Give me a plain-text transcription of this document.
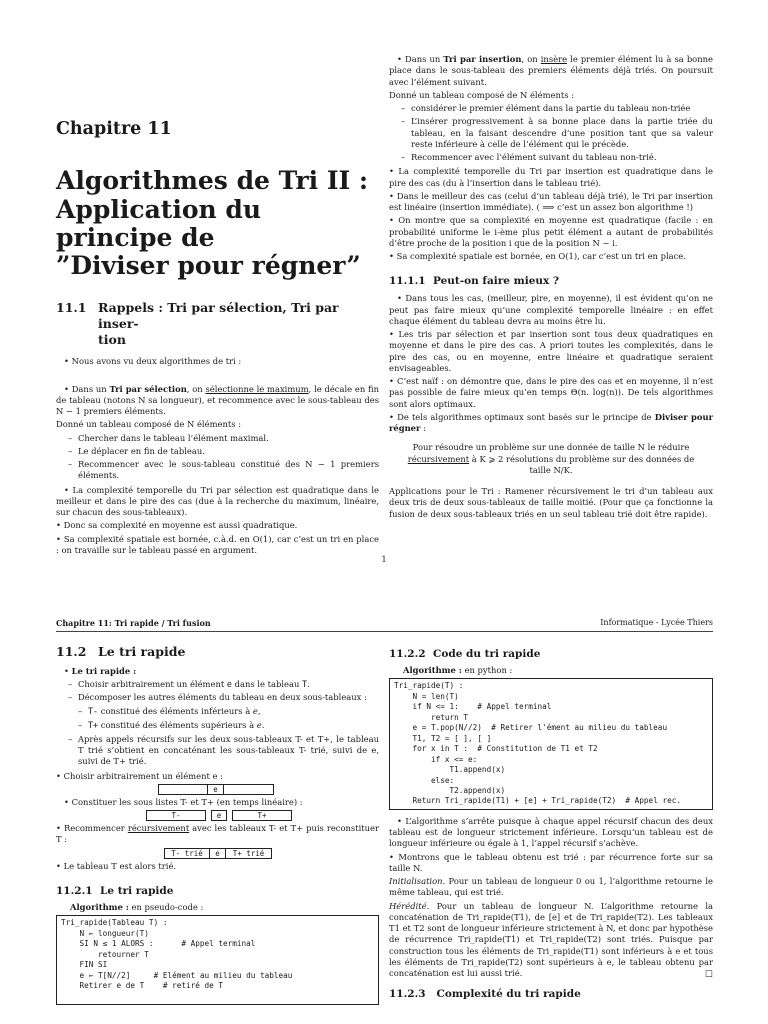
Chapitre 11
Algorithmes de Tri II :
Application du principe de
”Diviser pour régner”
11.1 Rappels : Tri par sélection, Tri par inser-
tion

• Nous avons vu deux algorithmes de tri :

• Dans un Tri par sélection, on sélectionne le maximum, le décale en fin de tableau (notons N sa longueur), et recommence avec le sous-tableau des N − 1 premiers éléments.

Donné un tableau composé de N éléments :

– Chercher dans le tableau l’élément maximal.
– Le déplacer en fin de tableau.
– Recommencer avec le sous-tableau constitué des N − 1 premiers éléments.

• La complexité temporelle du Tri par sélection est quadratique dans le meilleur et dans le pire des cas (due à la recherche du maximum, linéaire, sur chacun des sous-tableaux).

• Donc sa complexité en moyenne est aussi quadratique.

• Sa complexité spatiale est bornée, c.à.d. en O(1), car c’est un tri en place : on travaille sur le tableau passé en argument.

• Dans un Tri par insertion, on insère le premier élément lu à sa bonne place dans le sous-tableau des premiers éléments déjà triés. On poursuit avec l’élément suivant.

Donné un tableau composé de N éléments :

– considérer le premier élément dans la partie du tableau non-triée
– L’insérer progressivement à sa bonne place dans la partie triée du tableau, en la faisant descendre d’une position tant que sa valeur reste inférieure à celle de l’élément qui le précède.
– Recommencer avec l’élément suivant du tableau non-trié.

• La complexité temporelle du Tri par insertion est quadratique dans le pire des cas (du à l’insertion dans le tableau trié).

• Dans le meilleur des cas (celui d’un tableau déjà trié), le Tri par insertion est linéaire (insertion immédiate). ( ⟹ c’est un assez bon algorithme !)

• On montre que sa complexité en moyenne est quadratique (facile : en probabilité uniforme le i-ème plus petit élément a autant de probabilités d’être proche de la position i que de la position N − i.

• Sa complexité spatiale est bornée, en O(1), car c’est un tri en place.

11.1.1 Peut-on faire mieux ?

• Dans tous les cas, (meilleur, pire, en moyenne), il est évident qu’on ne peut pas faire mieux qu’une complexité temporelle linéaire : en effet chaque élément du tableau devra au moins être lu.

• Les tris par sélection et par insertion sont tous deux quadratiques en moyenne et dans le pire des cas. A priori toutes les complexités, dans le pire des cas, ou en moyenne, entre linéaire et quadratique seraient envisageables.

• C’est naïf : on démontre que, dans le pire des cas et en moyenne, il n’est pas possible de faire mieux qu’en temps Θ(n. log(n)). De tels algorithmes sont alors optimaux.

• De tels algorithmes optimaux sont basés sur le principe de Diviser pour régner :

Pour résoudre un problème sur une donnée de taille N le réduire récursivement à K ⩾ 2 résolutions du problème sur des données de taille N/K.

Applications pour le Tri : Ramener récursivement le tri d’un tableau aux deux tris de deux sous-tableaux de taille moitié. (Pour que ça fonctionne la fusion de deux sous-tableaux triés en un seul tableau trié doit être rapide).

1
Chapitre 11: Tri rapide / Tri fusion	Informatique - Lycée Thiers
11.2 Le tri rapide

• Le tri rapide :

– Choisir arbitrairement un élément e dans le tableau T.
– Décomposer les autres éléments du tableau en deux sous-tableaux :
– T- constitué des éléments inférieurs à e,
– T+ constitué des éléments supérieurs à e.
– Après appels récursifs sur les deux sous-tableaux T- et T+, le tableau T trié s’obtient en concaténant les sous-tableaux T- trié, suivi de e, suivi de T+ trié.

• Choisir arbitrairement un élément e :

e

• Constituer les sous listes T- et T+ (en temps linéaire) :

T-	e	T+

• Recommencer récursivement avec les tableaux T- et T+ puis reconstituer T :

T- trié	e	T+ trié

• Le tableau T est alors trié.

11.2.1 Le tri rapide

Algorithme : en pseudo-code :

Tri_rapide(Tableau T) :
N ← longueur(T)
SI N ≤ 1 ALORS :      # Appel terminal
retourner T
FIN SI
e ← T[N//2]     # Elément au milieu du tableau
Retirer e de T    # retiré de T
11.2.2 Code du tri rapide

Algorithme : en python :

Tri_rapide(T) :
N = len(T)
if N <= 1:    # Appel terminal
return T
e = T.pop(N//2)  # Retirer l'ément au milieu du tableau
T1, T2 = [ ], [ ]
for x in T :  # Constitution de T1 et T2
if x <= e:
T1.append(x)
else:
T2.append(x)
Return Tri_rapide(T1) + [e] + Tri_rapide(T2)  # Appel rec.

• L’algorithme s’arrête puisque à chaque appel récursif chacun des deux tableau est de longueur strictement inférieure. Lorsqu’un tableau est de longueur inférieure ou égale à 1, l’appel récursif s’achève.

• Montrons que le tableau obtenu est trié : par récurrence forte sur sa taille N.

Initialisation. Pour un tableau de longueur 0 ou 1, l’algorithme retourne le même tableau, qui est trié.

Hérédité. Pour un tableau de longueur N. L’algorithme retourne la concaténation de Tri_rapide(T1), de [e] et de Tri_rapide(T2). Les tableaux T1 et T2 sont de longueur inférieure strictement à N, et donc par hypothèse de récurrence Tri_rapide(T1) et Tri_rapide(T2) sont triés. Puisque par construction tous les éléments de Tri_rapide(T1) sont inférieurs à e et tous les éléments de Tri_rapide(T2) sont supérieurs à e, le tableau obtenu par concaténation est lui aussi trié.	□

11.2.3   Complexité du tri rapide
